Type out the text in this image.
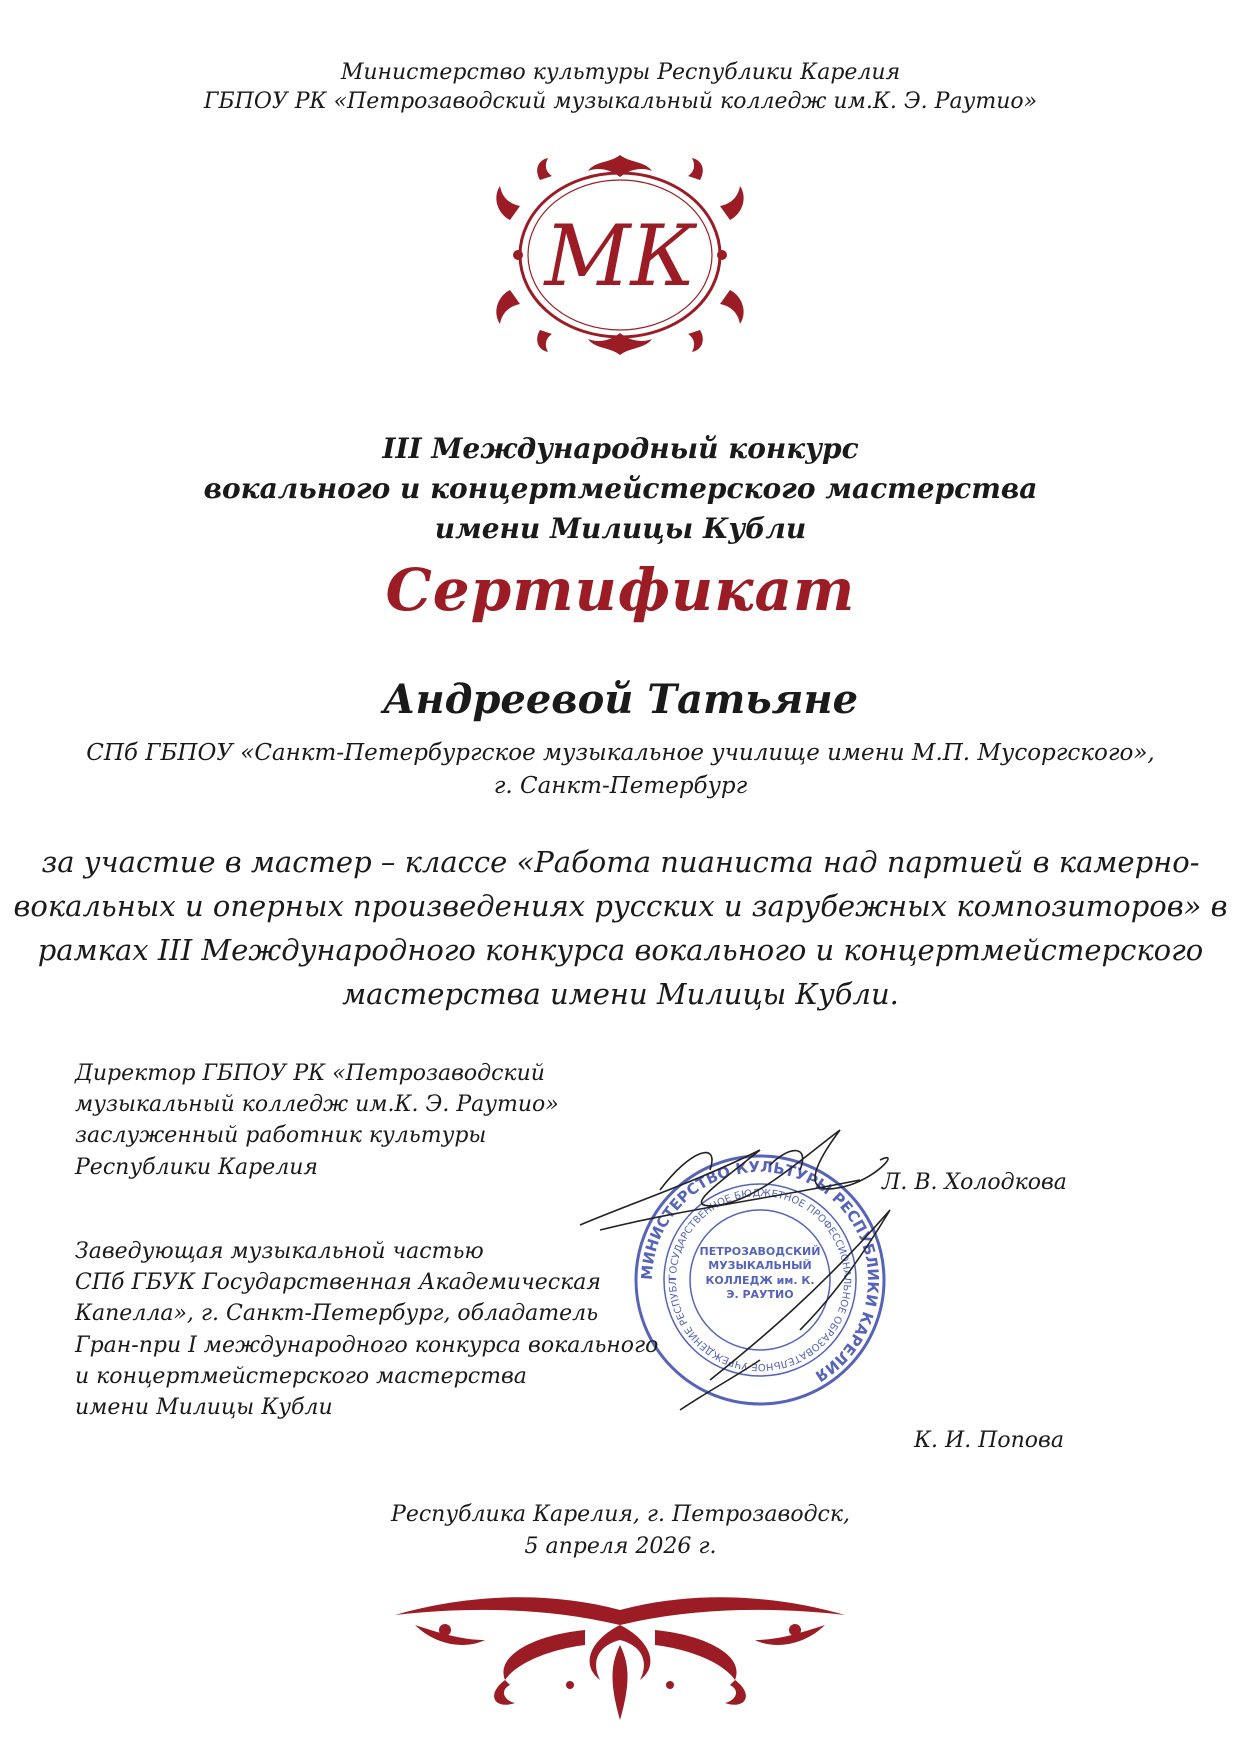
Министерство культуры Республики Карелия
ГБПОУ РК «Петрозаводский музыкальный колледж им.К. Э. Раутио»
МК
III Международный конкурс
вокального и концертмейстерского мастерства
имени Милицы Кубли
Сертификат
Андреевой Татьяне
СПб ГБПОУ «Санкт-Петербургское музыкальное училище имени М.П. Мусоргского»,
г. Санкт-Петербург
за участие в мастер – классе «Работа пианиста над партией в камерно-
вокальных и оперных произведениях русских и зарубежных композиторов» в
рамках III Международного конкурса вокального и концертмейстерского
мастерства имени Милицы Кубли.
МИНИСТЕРСТВО КУЛЬТУРЫ РЕСПУБЛИКИ КАРЕЛИЯ
ГОСУДАРСТВЕННОЕ БЮДЖЕТНОЕ ПРОФЕССИОНАЛЬНОЕ ОБРАЗОВАТЕЛЬНОЕ УЧРЕЖДЕНИЕ РЕСПУБЛИКИ КАРЕЛИЯ
ПЕТРОЗАВОДСКИЙ МУЗЫКАЛЬНЫЙ КОЛЛЕДЖ им. К. Э. РАУТИО
Директор ГБПОУ РК «Петрозаводский
музыкальный колледж им.К. Э. Раутио»
заслуженный работник культуры
Республики Карелия
Л. В. Холодкова
Заведующая музыкальной частью
СПб ГБУК Государственная Академическая
Капелла», г. Санкт-Петербург, обладатель
Гран-при I международного конкурса вокального
и концертмейстерского мастерства
имени Милицы Кубли
К. И. Попова
Республика Карелия, г. Петрозаводск,
5 апреля 2026 г.
